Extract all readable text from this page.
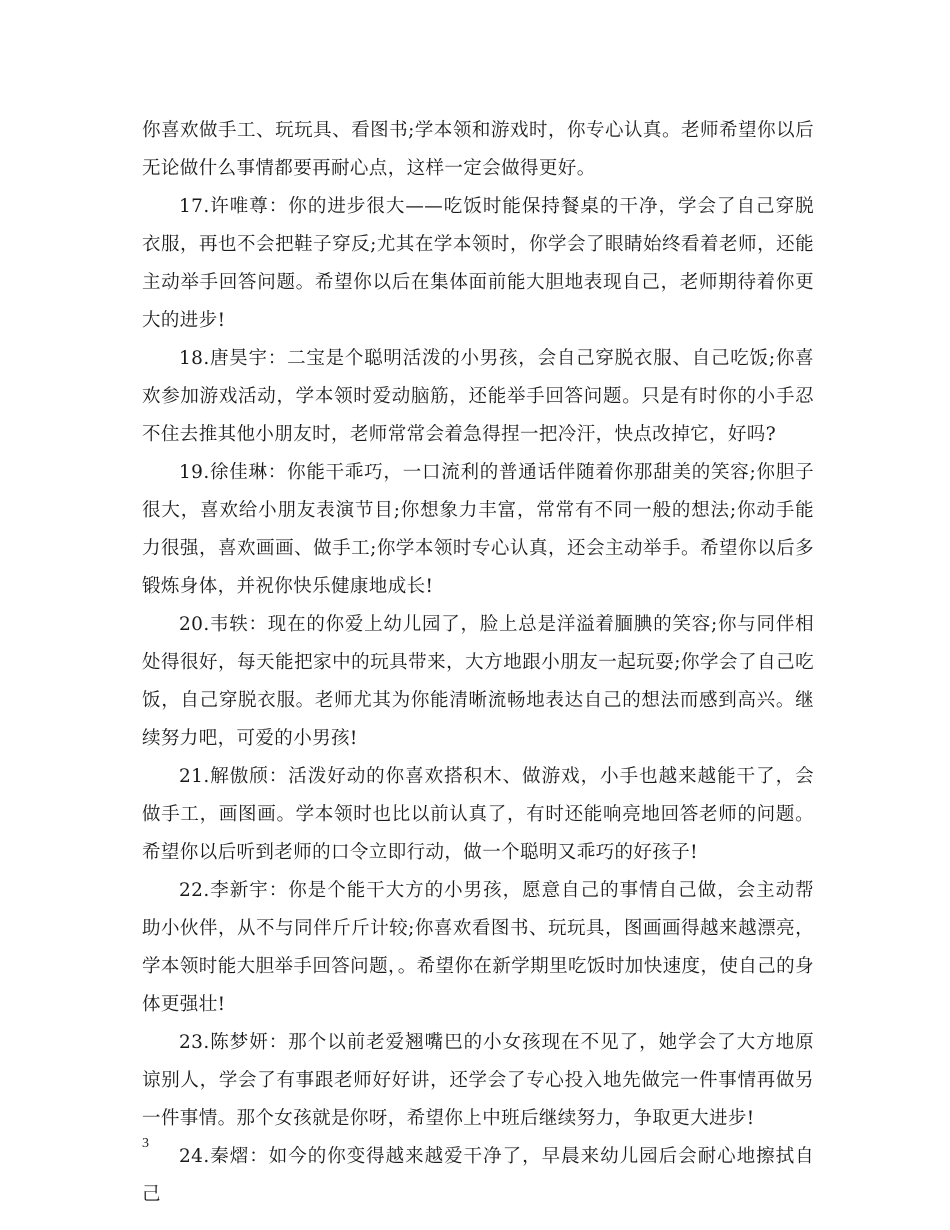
你喜欢做手工、玩玩具、看图书;学本领和游戏时，你专心认真。老师希望你以后无论做什么事情都要再耐心点，这样一定会做得更好。

17.许唯尊：你的进步很大——吃饭时能保持餐桌的干净，学会了自己穿脱衣服，再也不会把鞋子穿反;尤其在学本领时，你学会了眼睛始终看着老师，还能主动举手回答问题。希望你以后在集体面前能大胆地表现自己，老师期待着你更大的进步!

18.唐昊宇：二宝是个聪明活泼的小男孩，会自己穿脱衣服、自己吃饭;你喜欢参加游戏活动，学本领时爱动脑筋，还能举手回答问题。只是有时你的小手忍不住去推其他小朋友时，老师常常会着急得捏一把冷汗，快点改掉它，好吗?

19.徐佳琳：你能干乖巧，一口流利的普通话伴随着你那甜美的笑容;你胆子很大，喜欢给小朋友表演节目;你想象力丰富，常常有不同一般的想法;你动手能力很强，喜欢画画、做手工;你学本领时专心认真，还会主动举手。希望你以后多锻炼身体，并祝你快乐健康地成长!

20.韦轶：现在的你爱上幼儿园了，脸上总是洋溢着腼腆的笑容;你与同伴相处得很好，每天能把家中的玩具带来，大方地跟小朋友一起玩耍;你学会了自己吃饭，自己穿脱衣服。老师尤其为你能清晰流畅地表达自己的想法而感到高兴。继续努力吧，可爱的小男孩!

21.解傲颀：活泼好动的你喜欢搭积木、做游戏，小手也越来越能干了，会做手工，画图画。学本领时也比以前认真了，有时还能响亮地回答老师的问题。希望你以后听到老师的口令立即行动，做一个聪明又乖巧的好孩子!

22.李新宇：你是个能干大方的小男孩，愿意自己的事情自己做，会主动帮助小伙伴，从不与同伴斤斤计较;你喜欢看图书、玩玩具，图画画得越来越漂亮，学本领时能大胆举手回答问题，。希望你在新学期里吃饭时加快速度，使自己的身体更强壮!

23.陈梦妍：那个以前老爱翘嘴巴的小女孩现在不见了，她学会了大方地原谅别人，学会了有事跟老师好好讲，还学会了专心投入地先做完一件事情再做另一件事情。那个女孩就是你呀，希望你上中班后继续努力，争取更大进步!

24.秦熠：如今的你变得越来越爱干净了，早晨来幼儿园后会耐心地擦拭自己

3
